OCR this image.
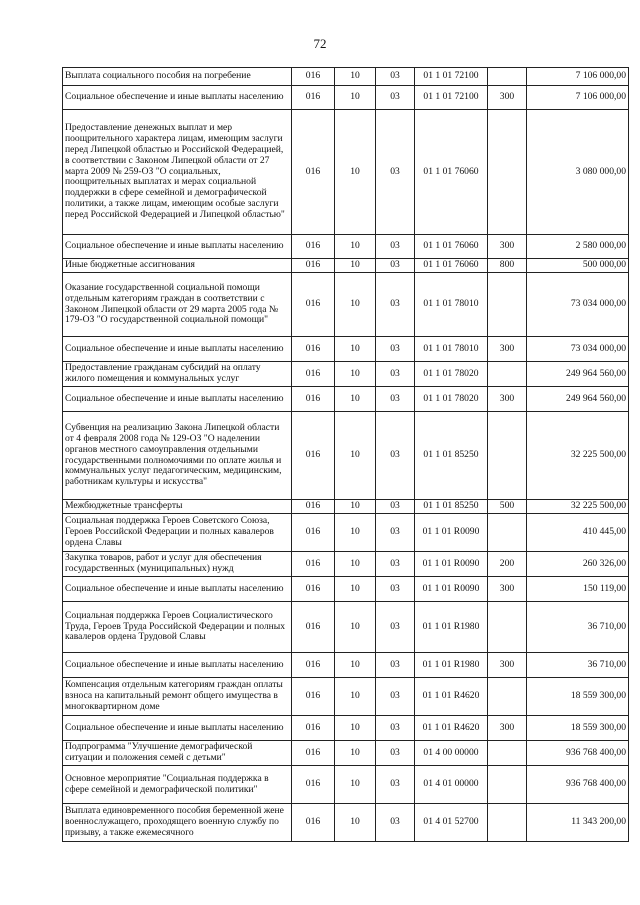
72
Выплата социального пособия на погребение	016	10	03	01 1 01 72100		7 106 000,00
Социальное обеспечение и иные выплаты населению	016	10	03	01 1 01 72100	300	7 106 000,00
Предоставление денежных выплат и мер поощрительного характера лицам, имеющим заслуги перед Липецкой областью и Российской Федерацией, в соответствии с Законом Липецкой области от 27 марта 2009 № 259-ОЗ "О социальных, поощрительных выплатах и мерах социальной поддержки в сфере семейной и демографической политики, а также лицам, имеющим особые заслуги перед Российской Федерацией и Липецкой областью"	016	10	03	01 1 01 76060		3 080 000,00
Социальное обеспечение и иные выплаты населению	016	10	03	01 1 01 76060	300	2 580 000,00
Иные бюджетные ассигнования	016	10	03	01 1 01 76060	800	500 000,00
Оказание государственной социальной помощи отдельным категориям граждан в соответствии с Законом Липецкой области от 29 марта 2005 года № 179-ОЗ "О государственной социальной помощи"	016	10	03	01 1 01 78010		73 034 000,00
Социальное обеспечение и иные выплаты населению	016	10	03	01 1 01 78010	300	73 034 000,00
Предоставление гражданам субсидий на оплату жилого помещения и коммунальных услуг	016	10	03	01 1 01 78020		249 964 560,00
Социальное обеспечение и иные выплаты населению	016	10	03	01 1 01 78020	300	249 964 560,00
Субвенция на реализацию Закона Липецкой области от 4 февраля 2008 года № 129-ОЗ "О наделении органов местного самоуправления отдельными государственными полномочиями по оплате жилья и коммунальных услуг педагогическим, медицинским, работникам культуры и искусства"	016	10	03	01 1 01 85250		32 225 500,00
Межбюджетные трансферты	016	10	03	01 1 01 85250	500	32 225 500,00
Социальная поддержка Героев Советского Союза, Героев Российской Федерации и полных кавалеров ордена Славы	016	10	03	01 1 01 R0090		410 445,00
Закупка товаров, работ и услуг для обеспечения государственных (муниципальных) нужд	016	10	03	01 1 01 R0090	200	260 326,00
Социальное обеспечение и иные выплаты населению	016	10	03	01 1 01 R0090	300	150 119,00
Социальная поддержка Героев Социалистического Труда, Героев Труда Российской Федерации и полных кавалеров ордена Трудовой Славы	016	10	03	01 1 01 R1980		36 710,00
Социальное обеспечение и иные выплаты населению	016	10	03	01 1 01 R1980	300	36 710,00
Компенсация отдельным категориям граждан оплаты взноса на капитальный ремонт общего имущества в многоквартирном доме	016	10	03	01 1 01 R4620		18 559 300,00
Социальное обеспечение и иные выплаты населению	016	10	03	01 1 01 R4620	300	18 559 300,00
Подпрограмма "Улучшение демографической ситуации и положения семей с детьми"	016	10	03	01 4 00 00000		936 768 400,00
Основное мероприятие "Социальная поддержка в сфере семейной и демографической политики"	016	10	03	01 4 01 00000		936 768 400,00
Выплата единовременного пособия беременной жене военнослужащего, проходящего военную службу по призыву, а также ежемесячного	016	10	03	01 4 01 52700		11 343 200,00
